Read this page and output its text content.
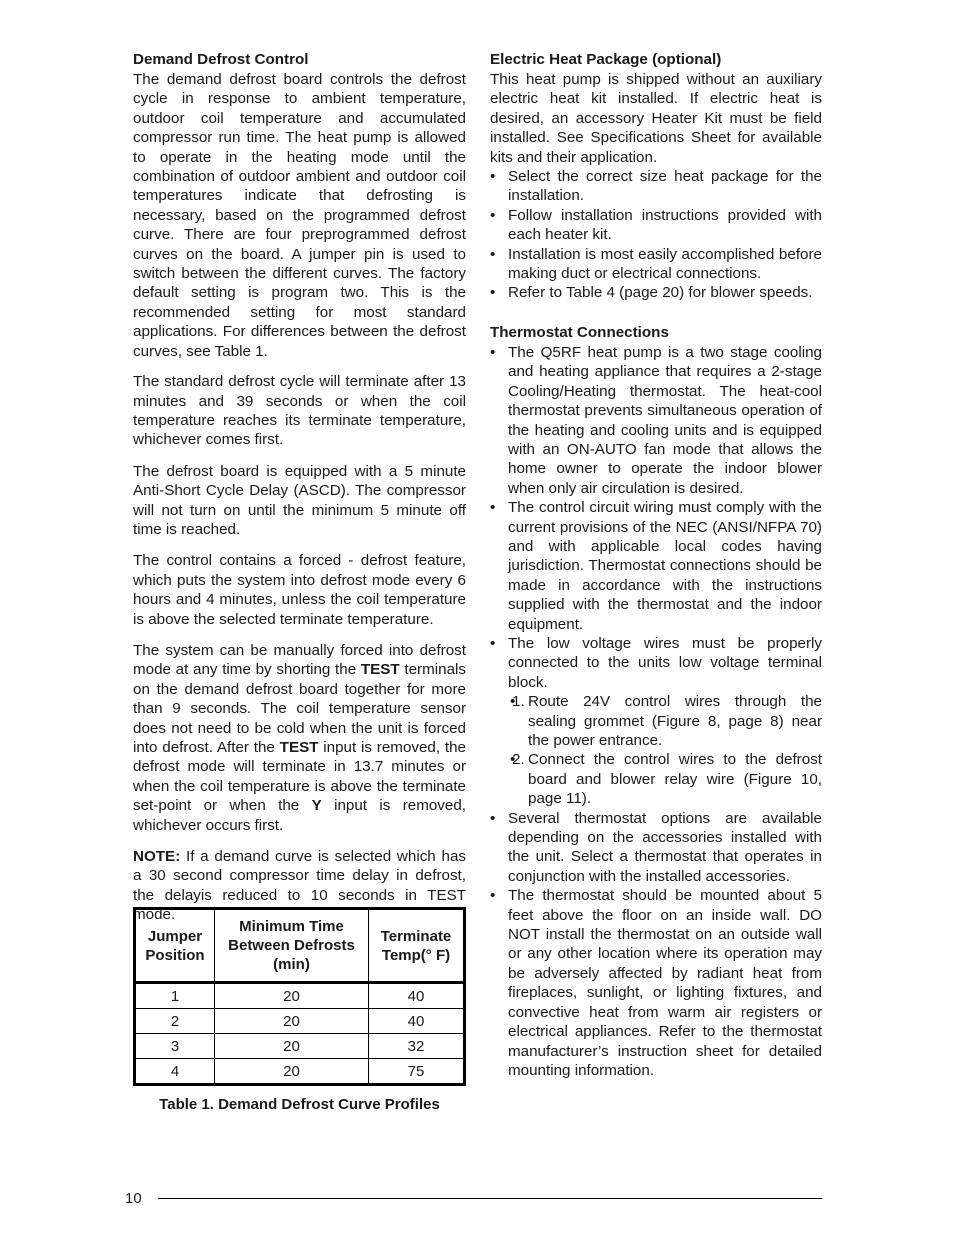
Demand Defrost Control

The demand defrost board controls the defrost cycle in response to ambient temperature, outdoor coil temperature and accumulated compressor run time. The heat pump is allowed to operate in the heating mode until the combination of outdoor ambient and outdoor coil temperatures indicate that defrosting is necessary, based on the programmed defrost curve. There are four preprogrammed defrost curves on the board. A jumper pin is used to switch between the different curves. The factory default setting is program two. This is the recommended setting for most standard applications. For differences between the defrost curves, see Table 1.

The standard defrost cycle will terminate after 13 minutes and 39 seconds or when the coil temperature reaches its terminate temperature, whichever comes first.

The defrost board is equipped with a 5 minute Anti-Short Cycle Delay (ASCD). The compressor will not turn on until the minimum 5 minute off time is reached.

The control contains a forced - defrost feature, which puts the system into defrost mode every 6 hours and 4 minutes, unless the coil temperature is above the selected terminate temperature.

The system can be manually forced into defrost mode at any time by shorting the TEST terminals on the demand defrost board together for more than 9 seconds. The coil temperature sensor does not need to be cold when the unit is forced into defrost. After the TEST input is removed, the defrost mode will terminate in 13.7 minutes or when the coil temperature is above the terminate set-point or when the Y input is removed, whichever occurs first.

NOTE: If a demand curve is selected which has a 30 second compressor time delay in defrost, the delayis reduced to 10 seconds in TEST mode.

Jumper Position	Minimum Time Between Defrosts (min)	Terminate Temp(° F)
1	20	40
2	20	40
3	20	32
4	20	75
Table 1. Demand Defrost Curve Profiles
Electric Heat Package (optional)

This heat pump is shipped without an auxiliary electric heat kit installed. If electric heat is desired, an accessory Heater Kit must be field installed. See Specifications Sheet for available kits and their application.

• Select the correct size heat package for the installation.
• Follow installation instructions provided with each heater kit.
• Installation is most easily accomplished before making duct or electrical connections.
• Refer to Table 4 (page 20) for blower speeds.
Thermostat Connections
• The Q5RF heat pump is a two stage cooling and heating appliance that requires a 2-stage Cooling/Heating thermostat. The heat-cool thermostat prevents simultaneous operation of the heating and cooling units and is equipped with an ON-AUTO fan mode that allows the home owner to operate the indoor blower when only air circulation is desired.
• The control circuit wiring must comply with the current provisions of the NEC (ANSI/NFPA 70) and with applicable local codes having jurisdiction. Thermostat connections should be made in accordance with the instructions supplied with the thermostat and the indoor equipment.
• The low voltage wires must be properly connected to the units low voltage terminal block.
• 1. Route 24V control wires through the sealing grommet (Figure 8, page 8) near the power entrance.
• 2. Connect the control wires to the defrost board and blower relay wire (Figure 10, page 11).
• Several thermostat options are available depending on the accessories installed with the unit. Select a thermostat that operates in conjunction with the installed accessories.
• The thermostat should be mounted about 5 feet above the floor on an inside wall. DO NOT install the thermostat on an outside wall or any other location where its operation may be adversely affected by radiant heat from fireplaces, sunlight, or lighting fixtures, and convective heat from warm air registers or electrical appliances. Refer to the thermostat manufacturer’s instruction sheet for detailed mounting information.
10
